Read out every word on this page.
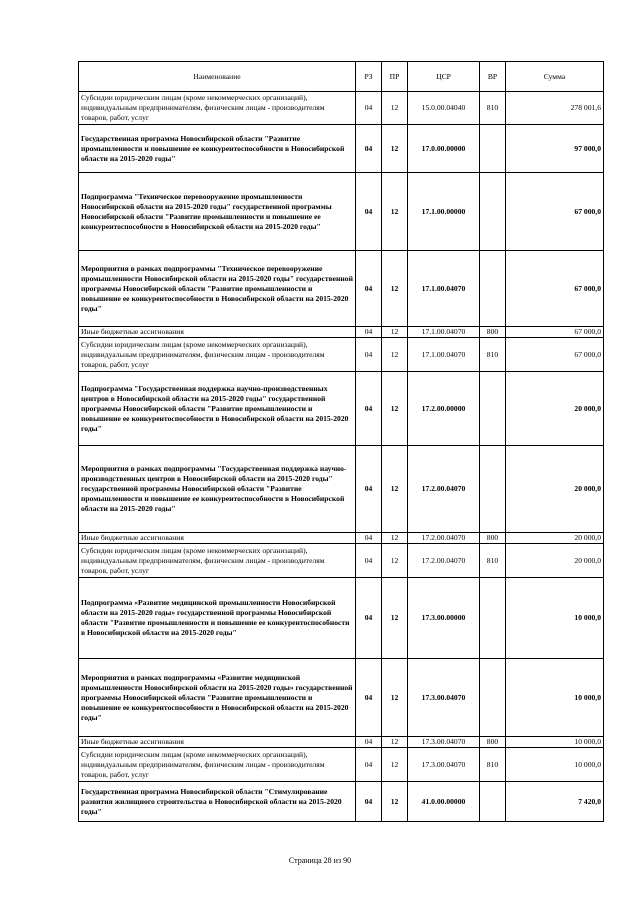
Наименование	РЗ	ПР	ЦСР	ВР	Сумма
Субсидии юридическим лицам (кроме некоммерческих организаций), индивидуальным предпринимателям, физическим лицам - производителям товаров, работ, услуг	04	12	15.0.00.04040	810	278 001,6
Государственная программа Новосибирской области "Развитие промышленности и повышение ее конкурентоспособности в Новосибирской области на 2015-2020 годы"	04	12	17.0.00.00000		97 000,0
Подпрограмма "Техническое перевооружение промышленности Новосибирской области на 2015-2020 годы" государственной программы Новосибирской области "Развитие промышленности и повышение ее конкурентоспособности в Новосибирской области на 2015-2020 годы"	04	12	17.1.00.00000		67 000,0
Мероприятия в рамках подпрограммы "Техническое перевооружение промышленности Новосибирской области на 2015-2020 годы" государственной программы Новосибирской области "Развитие промышленности и повышение ее конкурентоспособности в Новосибирской области на 2015-2020 годы"	04	12	17.1.00.04070		67 000,0
Иные бюджетные ассигнования	04	12	17.1.00.04070	800	67 000,0
Субсидии юридическим лицам (кроме некоммерческих организаций), индивидуальным предпринимателям, физическим лицам - производителям товаров, работ, услуг	04	12	17.1.00.04070	810	67 000,0
Подпрограмма "Государственная поддержка научно-производственных центров в Новосибирской области на 2015-2020 годы" государственной программы Новосибирской области "Развитие промышленности и повышение ее конкурентоспособности в Новосибирской области на 2015-2020 годы"	04	12	17.2.00.00000		20 000,0
Мероприятия в рамках подпрограммы "Государственная поддержка научно-производственных центров в Новосибирской области на 2015-2020 годы" государственной программы Новосибирской области "Развитие промышленности и повышение ее конкурентоспособности в Новосибирской области на 2015-2020 годы"	04	12	17.2.00.04070		20 000,0
Иные бюджетные ассигнования	04	12	17.2.00.04070	800	20 000,0
Субсидии юридическим лицам (кроме некоммерческих организаций), индивидуальным предпринимателям, физическим лицам - производителям товаров, работ, услуг	04	12	17.2.00.04070	810	20 000,0
Подпрограмма «Развитие медицинской промышленности Новосибирской области на 2015-2020 годы» государственной программы Новосибирской области "Развитие промышленности и повышение ее конкурентоспособности в Новосибирской области на 2015-2020 годы"	04	12	17.3.00.00000		10 000,0
Мероприятия в рамках подпрограммы «Развитие медицинской промышленности Новосибирской области на 2015-2020 годы» государственной программы Новосибирской области "Развитие промышленности и повышение ее конкурентоспособности в Новосибирской области на 2015-2020 годы"	04	12	17.3.00.04070		10 000,0
Иные бюджетные ассигнования	04	12	17.3.00.04070	800	10 000,0
Субсидии юридическим лицам (кроме некоммерческих организаций), индивидуальным предпринимателям, физическим лицам - производителям товаров, работ, услуг	04	12	17.3.00.04070	810	10 000,0
Государственная программа Новосибирской области "Стимулирование развития жилищного строительства в Новосибирской области на 2015-2020 годы"	04	12	41.0.00.00000		7 420,0
Страница 28 из 90
